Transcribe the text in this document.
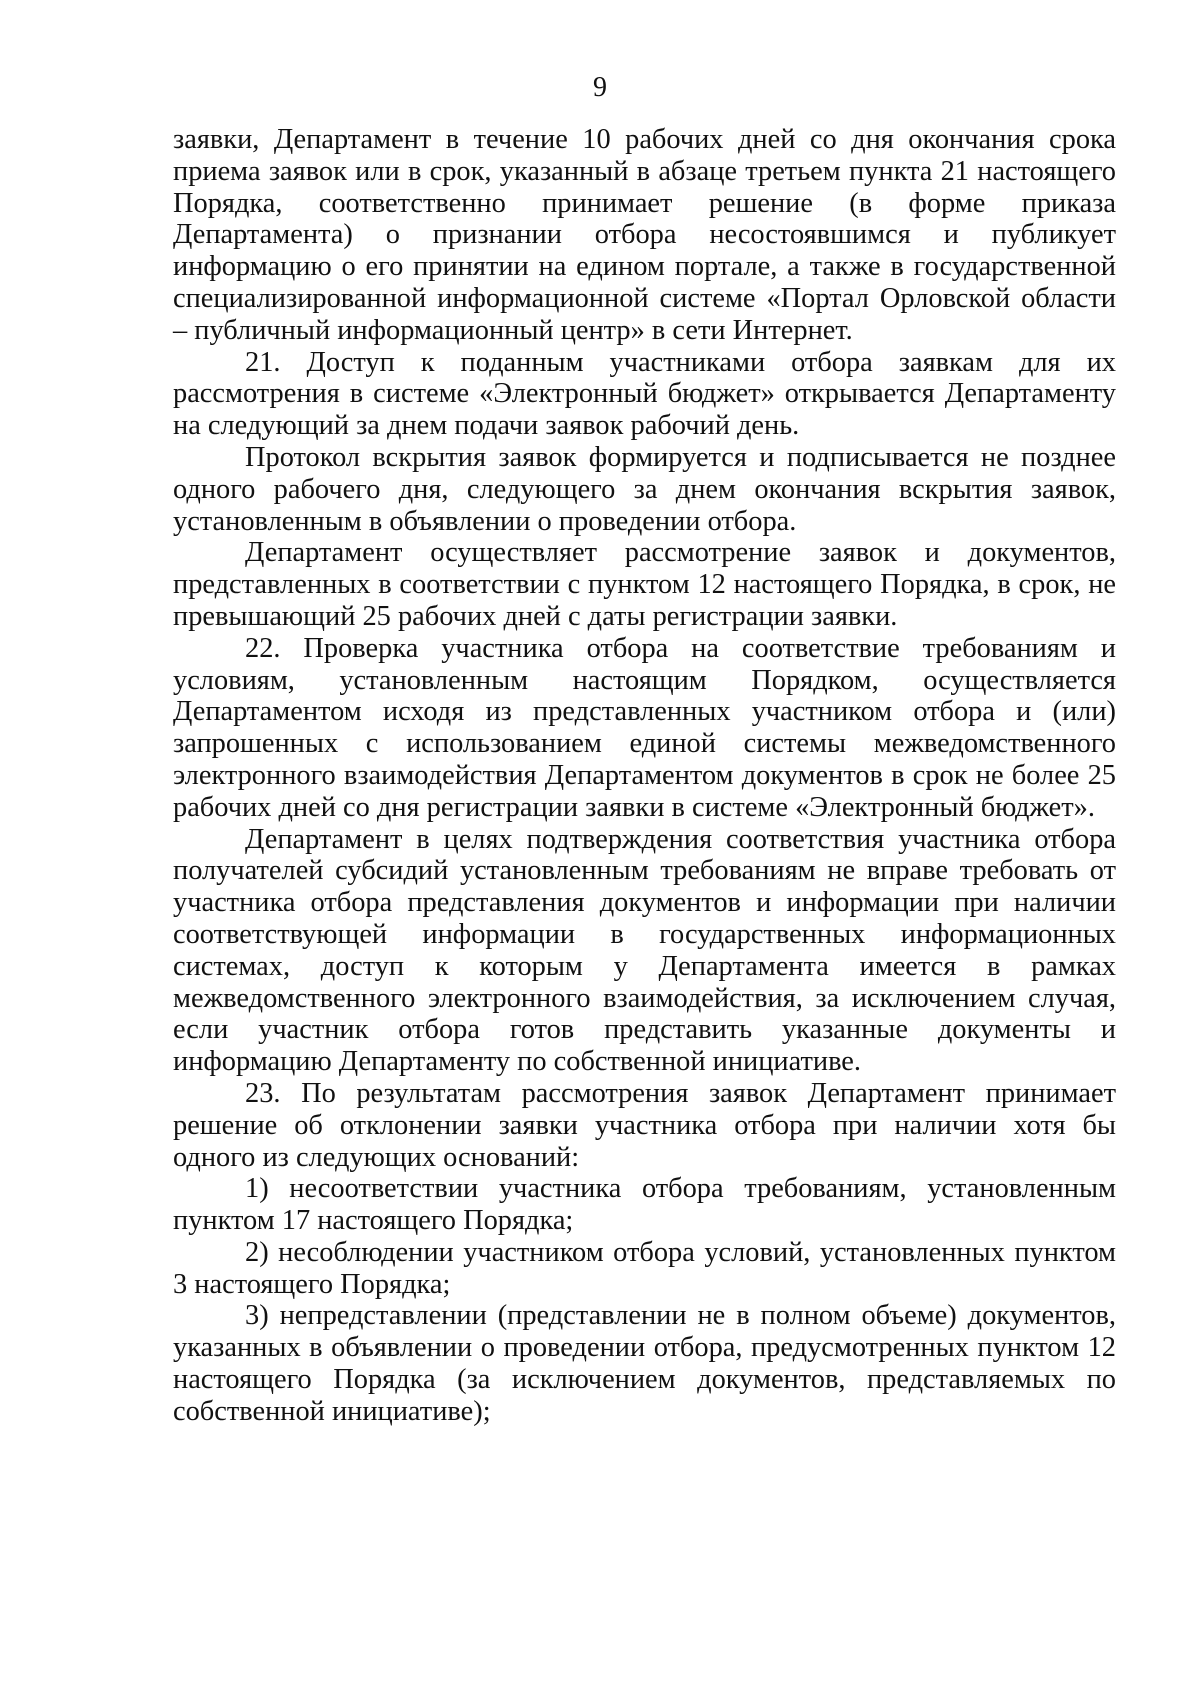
9

заявки, Департамент в течение 10 рабочих дней со дня окончания срока приема заявок или в срок, указанный в абзаце третьем пункта 21 настоящего Порядка, соответственно принимает решение (в форме приказа Департамента) о признании отбора несостоявшимся и публикует информацию о его принятии на едином портале, а также в государственной специализированной информационной системе «Портал Орловской области – публичный информационный центр» в сети Интернет.

21. Доступ к поданным участниками отбора заявкам для их рассмотрения в системе «Электронный бюджет» открывается Департаменту на следующий за днем подачи заявок рабочий день.

Протокол вскрытия заявок формируется и подписывается не позднее одного рабочего дня, следующего за днем окончания вскрытия заявок, установленным в объявлении о проведении отбора.

Департамент осуществляет рассмотрение заявок и документов, представленных в соответствии с пунктом 12 настоящего Порядка, в срок, не превышающий 25 рабочих дней с даты регистрации заявки.

22. Проверка участника отбора на соответствие требованиям и условиям, установленным настоящим Порядком, осуществляется Департаментом исходя из представленных участником отбора и (или) запрошенных с использованием единой системы межведомственного электронного взаимодействия Департаментом документов в срок не более 25 рабочих дней со дня регистрации заявки в системе «Электронный бюджет».

Департамент в целях подтверждения соответствия участника отбора получателей субсидий установленным требованиям не вправе требовать от участника отбора представления документов и информации при наличии соответствующей информации в государственных информационных системах, доступ к которым у Департамента имеется в рамках межведомственного электронного взаимодействия, за исключением случая, если участник отбора готов представить указанные документы и информацию Департаменту по собственной инициативе.

23. По результатам рассмотрения заявок Департамент принимает решение об отклонении заявки участника отбора при наличии хотя бы одного из следующих оснований:

1) несоответствии участника отбора требованиям, установленным пунктом 17 настоящего Порядка;

2) несоблюдении участником отбора условий, установленных пунктом 3 настоящего Порядка;

3) непредставлении (представлении не в полном объеме) документов, указанных в объявлении о проведении отбора, предусмотренных пунктом 12 настоящего Порядка (за исключением документов, представляемых по собственной инициативе);
